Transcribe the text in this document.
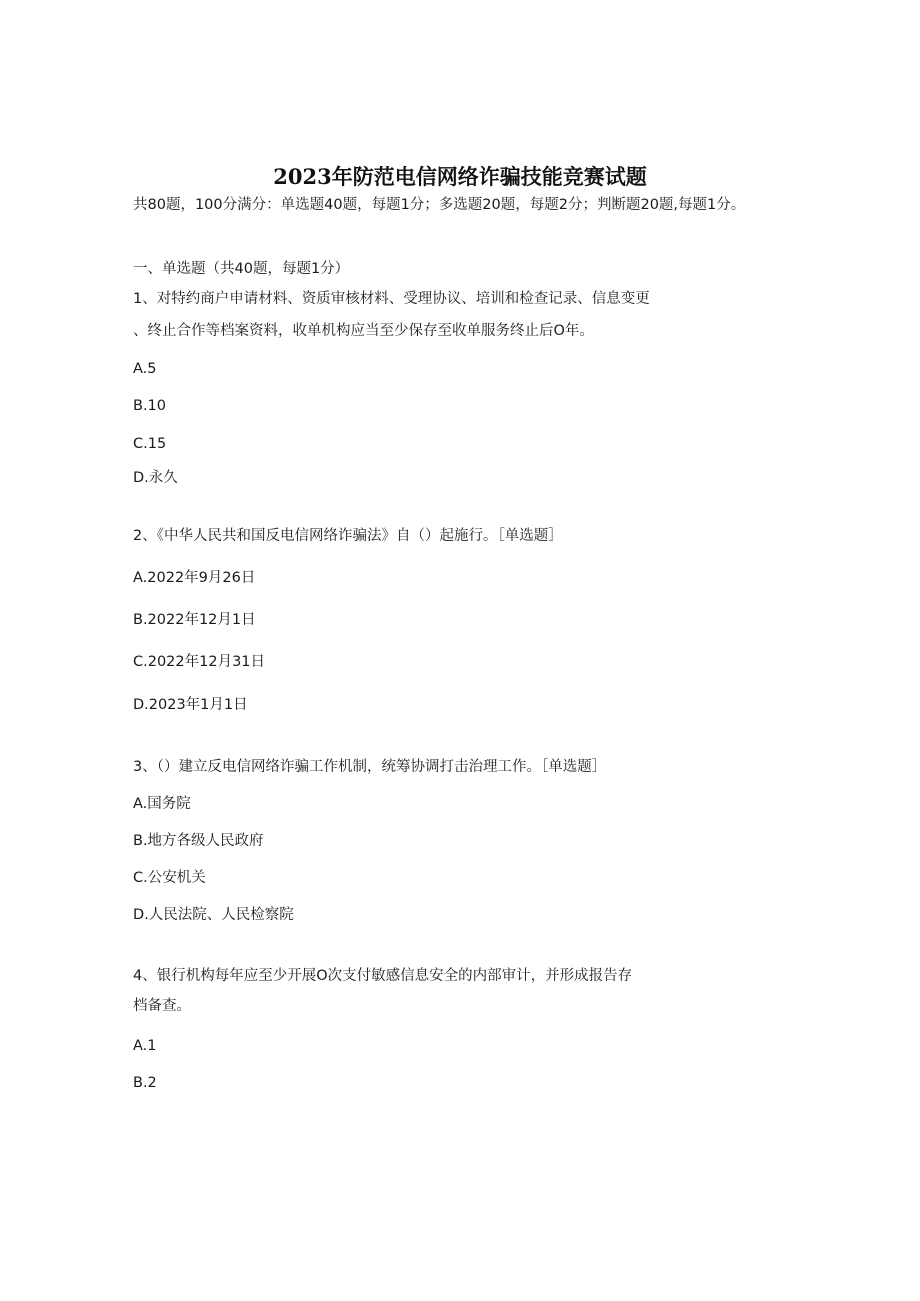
2023年防范电信网络诈骗技能竞赛试题
共80题，100分满分：单选题40题，每题1分；多选题20题，每题2分；判断题20题,每题1分。
一、单选题（共40题，每题1分）
1、对特约商户申请材料、资质审核材料、受理协议、培训和检查记录、信息变更
、终止合作等档案资料，收单机构应当至少保存至收单服务终止后O年。
A.5
B.10
C.15
D.永久
2、《中华人民共和国反电信网络诈骗法》自（）起施行。［单选题］
A.2022年9月26日
B.2022年12月1日
C.2022年12月31日
D.2023年1月1日
3、（）建立反电信网络诈骗工作机制，统筹协调打击治理工作。［单选题］
A.国务院
B.地方各级人民政府
C.公安机关
D.人民法院、人民检察院
4、银行机构每年应至少开展O次支付敏感信息安全的内部审计，并形成报告存
档备查。
A.1
B.2
